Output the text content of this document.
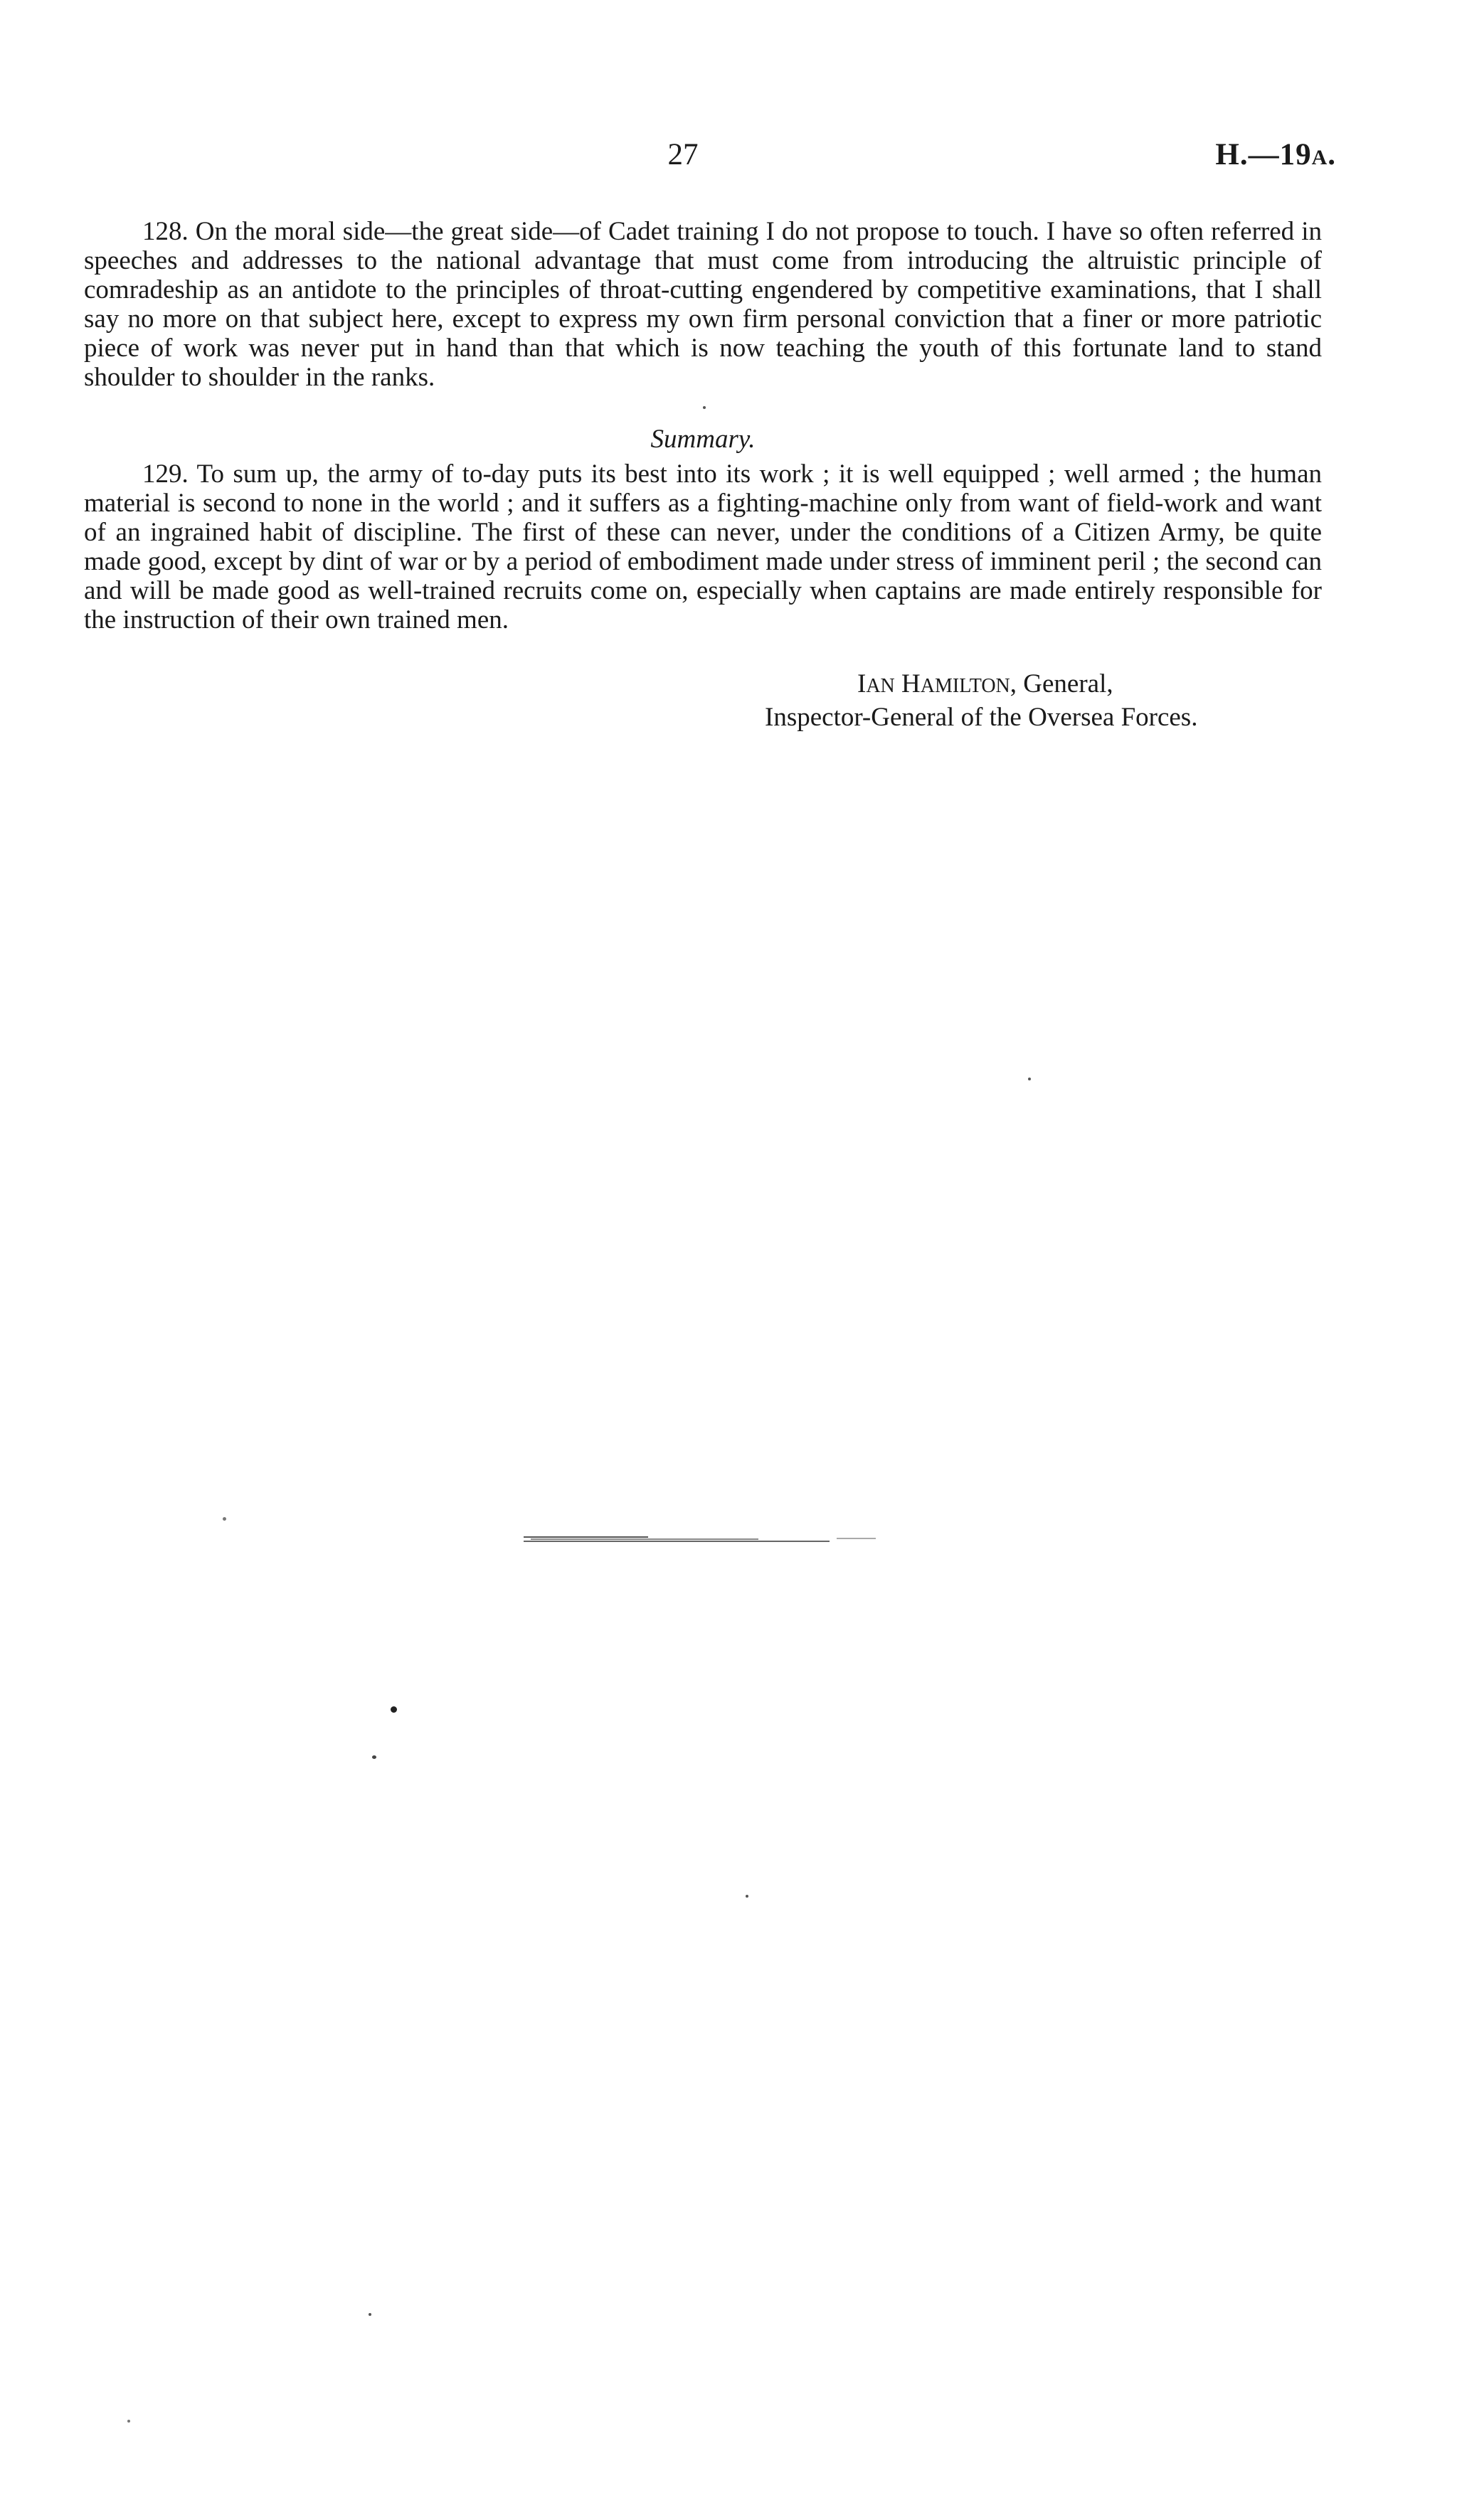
27	H.—19A.

128. On the moral side—the great side—of Cadet training I do not propose to touch. I have so often referred in speeches and addresses to the national advantage that must come from introducing the altruistic principle of comradeship as an antidote to the principles of throat-cutting engendered by competitive examinations, that I shall say no more on that subject here, except to express my own firm personal conviction that a finer or more patriotic piece of work was never put in hand than that which is now teaching the youth of this fortunate land to stand shoulder to shoulder in the ranks.

Summary.

129. To sum up, the army of to-day puts its best into its work ; it is well equipped ; well armed ; the human material is second to none in the world ; and it suffers as a fighting-machine only from want of field-work and want of an ingrained habit of discipline. The first of these can never, under the conditions of a Citizen Army, be quite made good, except by dint of war or by a period of embodiment made under stress of imminent peril ; the second can and will be made good as well-trained recruits come on, especially when captains are made entirely responsible for the instruction of their own trained men.

IAN HAMILTON, General,
Inspector-General of the Oversea Forces.
